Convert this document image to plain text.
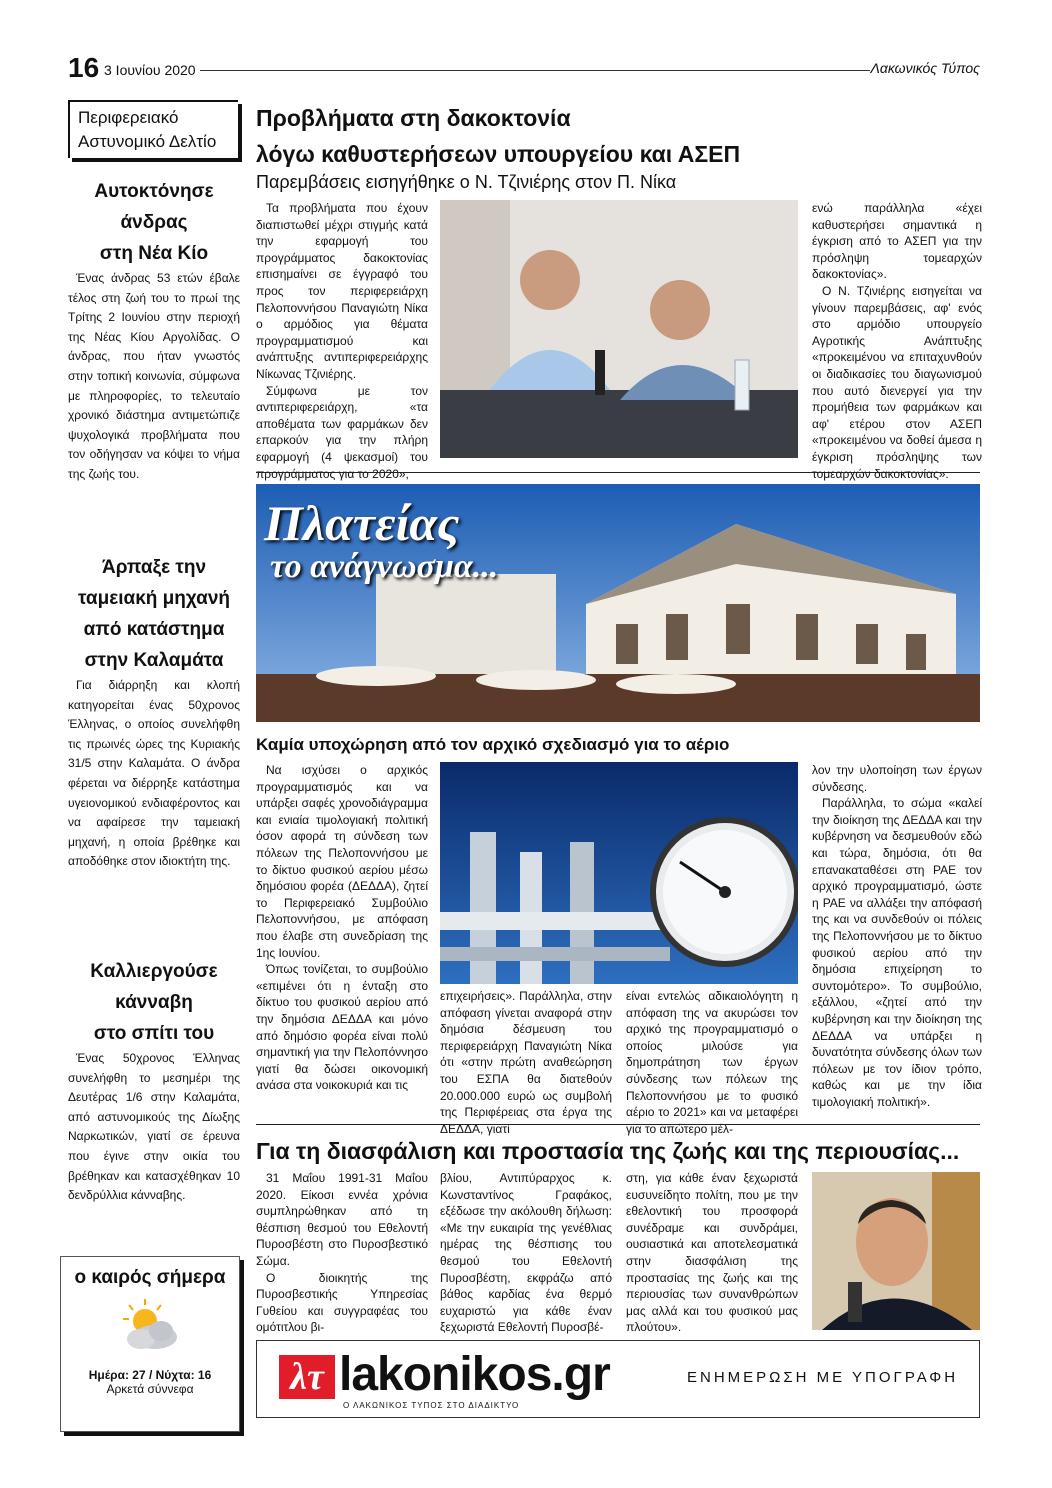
16 3 Ιουνίου 2020	Λακωνικός Τύπος
Περιφερειακό
Αστυνομικό Δελτίο
Αυτοκτόνησε
άνδρας
στη Νέα Κίο

Ένας άνδρας 53 ετών έβαλε τέλος στη ζωή του το πρωί της Τρίτης 2 Ιουνίου στην περιοχή της Νέας Κίου Αργολίδας. Ο άνδρας, που ήταν γνωστός στην τοπική κοινωνία, σύμφωνα με πληροφορίες, το τελευταίο χρονικό διάστημα αντιμετώπιζε ψυχολογικά προβλήματα που τον οδήγησαν να κόψει το νήμα της ζωής του.

Άρπαξε την
ταμειακή μηχανή
από κατάστημα
στην Καλαμάτα

Για διάρρηξη και κλοπή κατηγορείται ένας 50χρονος Έλληνας, ο οποίος συνελήφθη τις πρωινές ώρες της Κυριακής 31/5 στην Καλαμάτα. Ο άνδρα φέρεται να διέρρηξε κατάστημα υγειονομικού ενδιαφέροντος και να αφαίρεσε την ταμειακή μηχανή, η οποία βρέθηκε και αποδόθηκε στον ιδιοκτήτη της.

Καλλιεργούσε
κάνναβη
στο σπίτι του

Ένας 50χρονος Έλληνας συνελήφθη το μεσημέρι της Δευτέρας 1/6 στην Καλαμάτα, από αστυνομικούς της Δίωξης Ναρκωτικών, γιατί σε έρευνα που έγινε στην οικία του βρέθηκαν και κατασχέθηκαν 10 δενδρύλλια κάνναβης.

ο καιρός σήμερα
Ημέρα: 27 / Νύχτα: 16
Αρκετά σύννεφα
Προβλήματα στη δακοκτονία
λόγω καθυστερήσεων υπουργείου και ΑΣΕΠ
Παρεμβάσεις εισηγήθηκε ο Ν. Τζινιέρης στον Π. Νίκα

Τα προβλήματα που έχουν διαπιστωθεί μέχρι στιγμής κατά την εφαρμογή του προγράμματος δακοκτονίας επισημαίνει σε έγγραφό του προς τον περιφερειάρχη Πελοποννήσου Παναγιώτη Νίκα ο αρμόδιος για θέματα προγραμματισμού και ανάπτυξης αντιπεριφερειάρχης Νίκωνας Τζινιέρης.

Σύμφωνα με τον αντιπεριφερειάρχη, «τα αποθέματα των φαρμάκων δεν επαρκούν για την πλήρη εφαρμογή (4 ψεκασμοί) του προγράμματος για το 2020»,

ενώ παράλληλα «έχει καθυστερήσει σημαντικά η έγκριση από το ΑΣΕΠ για την πρόσληψη τομεαρχών δακοκτονίας».

Ο Ν. Τζινιέρης εισηγείται να γίνουν παρεμβάσεις, αφ' ενός στο αρμόδιο υπουργείο Αγροτικής Ανάπτυξης «προκειμένου να επιταχυνθούν οι διαδικασίες του διαγωνισμού που αυτό διενεργεί για την προμήθεια των φαρμάκων και αφ' ετέρου στον ΑΣΕΠ «προκειμένου να δοθεί άμεσα η έγκριση πρόσληψης των τομεαρχών δακοκτονίας».

Πλατείας
το ανάγνωσμα...
Καμία υποχώρηση από τον αρχικό σχεδιασμό για το αέριο

Να ισχύσει ο αρχικός προγραμματισμός και να υπάρξει σαφές χρονοδιάγραμμα και ενιαία τιμολογιακή πολιτική όσον αφορά τη σύνδεση των πόλεων της Πελοποννήσου με το δίκτυο φυσικού αερίου μέσω δημόσιου φορέα (ΔΕΔΔΑ), ζητεί το Περιφερειακό Συμβούλιο Πελοποννήσου, με απόφαση που έλαβε στη συνεδρίαση της 1ης Ιουνίου.

Όπως τονίζεται, το συμβούλιο «επιμένει ότι η ένταξη στο δίκτυο του φυσικού αερίου από την δημόσια ΔΕΔΔΑ και μόνο από δημόσιο φορέα είναι πολύ σημαντική για την Πελοπόννησο γιατί θα δώσει οικονομική ανάσα στα νοικοκυριά και τις

επιχειρήσεις». Παράλληλα, στην απόφαση γίνεται αναφορά στην δημόσια δέσμευση του περιφερειάρχη Παναγιώτη Νίκα ότι «στην πρώτη αναθεώρηση του ΕΣΠΑ θα διατεθούν 20.000.000 ευρώ ως συμβολή της Περιφέρειας στα έργα της ΔΕΔΔΑ, γιατί

είναι εντελώς αδικαιολόγητη η απόφαση της να ακυρώσει τον αρχικό της προγραμματισμό ο οποίος μιλούσε για δημοπράτηση των έργων σύνδεσης των πόλεων της Πελοποννήσου με το φυσικό αέριο το 2021» και να μεταφέρει για το απώτερο μέλ-

λον την υλοποίηση των έργων σύνδεσης.

Παράλληλα, το σώμα «καλεί την διοίκηση της ΔΕΔΔΑ και την κυβέρνηση να δεσμευθούν εδώ και τώρα, δημόσια, ότι θα επανακαταθέσει στη ΡΑΕ τον αρχικό προγραμματισμό, ώστε η ΡΑΕ να αλλάξει την απόφασή της και να συνδεθούν οι πόλεις της Πελοποννήσου με το δίκτυο φυσικού αερίου από την δημόσια επιχείρηση το συντομότερο». Το συμβούλιο, εξάλλου, «ζητεί από την κυβέρνηση και την διοίκηση της ΔΕΔΔΑ να υπάρξει η δυνατότητα σύνδεσης όλων των πόλεων με τον ίδιον τρόπο, καθώς και με την ίδια τιμολογιακή πολιτική».

Για τη διασφάλιση και προστασία της ζωής και της περιουσίας...

31 Μαΐου 1991-31 Μαΐου 2020. Είκοσι εννέα χρόνια συμπληρώθηκαν από τη θέσπιση θεσμού του Εθελοντή Πυροσβέστη στο Πυροσβεστικό Σώμα.

Ο διοικητής της Πυροσβεστικής Υπηρεσίας Γυθείου και συγγραφέας του ομότιτλου βι-

βλίου, Αντιπύραρχος κ. Κωνσταντίνος Γραφάκος, εξέδωσε την ακόλουθη δήλωση: «Με την ευκαιρία της γενέθλιας ημέρας της θέσπισης του θεσμού του Εθελοντή Πυροσβέστη, εκφράζω από βάθος καρδίας ένα θερμό ευχαριστώ για κάθε έναν ξεχωριστά Εθελοντή Πυροσβέ-

στη, για κάθε έναν ξεχωριστά ευσυνείδητο πολίτη, που με την εθελοντική του προσφορά συνέδραμε και συνδράμει, ουσιαστικά και αποτελεσματικά στην διασφάλιση της προστασίας της ζωής και της περιουσίας των συνανθρώπων μας αλλά και του φυσικού μας πλούτου».

λτ lakonikos.gr
Ο ΛΑΚΩΝΙΚΟΣ ΤΥΠΟΣ ΣΤΟ ΔΙΑΔΙΚΤΥΟ
ΕΝΗΜΕΡΩΣΗ ΜΕ ΥΠΟΓΡΑΦΗ
